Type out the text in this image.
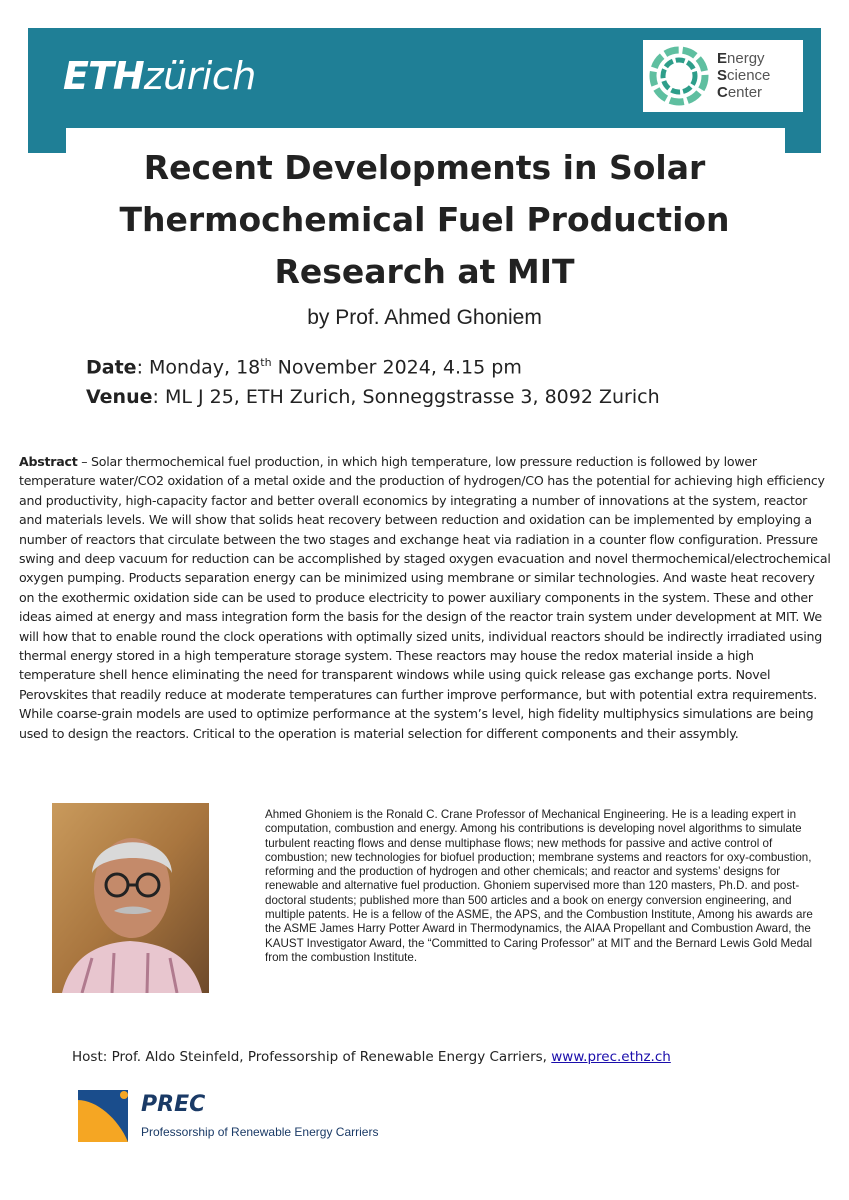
ETHzürich	Energy
Science
Center
Recent Developments in Solar
Thermochemical Fuel Production
Research at MIT
by Prof. Ahmed Ghoniem
Date: Monday, 18th November 2024, 4.15 pm
Venue: ML J 25, ETH Zurich, Sonneggstrasse 3, 8092 Zurich

Abstract – Solar thermochemical fuel production, in which high temperature, low pressure reduction is followed by lower temperature water/CO2 oxidation of a metal oxide and the production of hydrogen/CO has the potential for achieving high efficiency and productivity, high-capacity factor and better overall economics by integrating a number of innovations at the system, reactor and materials levels. We will show that solids heat recovery between reduction and oxidation can be implemented by employing a number of reactors that circulate between the two stages and exchange heat via radiation in a counter flow configuration. Pressure swing and deep vacuum for reduction can be accomplished by staged oxygen evacuation and novel thermochemical/electrochemical oxygen pumping. Products separation energy can be minimized using membrane or similar technologies. And waste heat recovery on the exothermic oxidation side can be used to produce electricity to power auxiliary components in the system. These and other ideas aimed at energy and mass integration form the basis for the design of the reactor train system under development at MIT. We will how that to enable round the clock operations with optimally sized units, individual reactors should be indirectly irradiated using thermal energy stored in a high temperature storage system. These reactors may house the redox material inside a high temperature shell hence eliminating the need for transparent windows while using quick release gas exchange ports. Novel Perovskites that readily reduce at moderate temperatures can further improve performance, but with potential extra requirements. While coarse-grain models are used to optimize performance at the system’s level, high fidelity multiphysics simulations are being used to design the reactors. Critical to the operation is material selection for different components and their assymbly.

Ahmed Ghoniem is the Ronald C. Crane Professor of Mechanical Engineering. He is a leading expert in computation, combustion and energy. Among his contributions is developing novel algorithms to simulate turbulent reacting flows and dense multiphase flows; new methods for passive and active control of combustion; new technologies for biofuel production; membrane systems and reactors for oxy-combustion, reforming and the production of hydrogen and other chemicals; and reactor and systems’ designs for renewable and alternative fuel production. Ghoniem supervised more than 120 masters, Ph.D. and post-doctoral students; published more than 500 articles and a book on energy conversion engineering, and multiple patents. He is a fellow of the ASME, the APS, and the Combustion Institute, Among his awards are the ASME James Harry Potter Award in Thermodynamics, the AIAA Propellant and Combustion Award, the KAUST Investigator Award, the “Committed to Caring Professor” at MIT and the Bernard Lewis Gold Medal from the combustion Institute.

Host: Prof. Aldo Steinfeld, Professorship of Renewable Energy Carriers, www.prec.ethz.ch
PREC
Professorship of Renewable Energy Carriers
